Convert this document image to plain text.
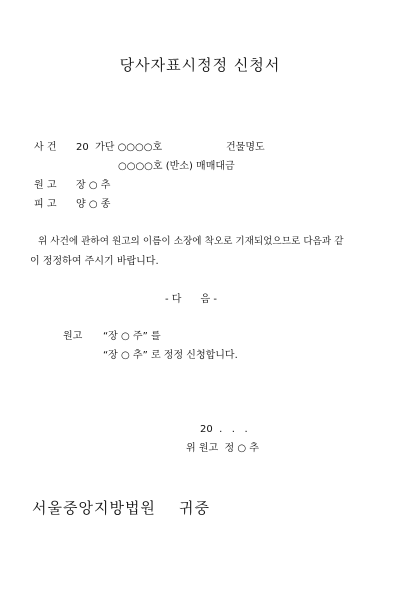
당사자표시정정 신청서
사 건 20  가단 ○○○○호	건물명도
○○○○호 (반소) 매매대금
원 고 장 ○ 추
피 고 양 ○ 종
위 사건에 관하여 원고의 이름이 소장에 착오로 기재되었으므로 다음과 같
이 정정하여 주시기 바랍니다.
- 다      음 -
원고 “장 ○ 주” 를
“장 ○ 추” 로 정정 신청합니다.
20  .   .   .
위 원고  정 ○ 추
서울중앙지방법원    귀중
